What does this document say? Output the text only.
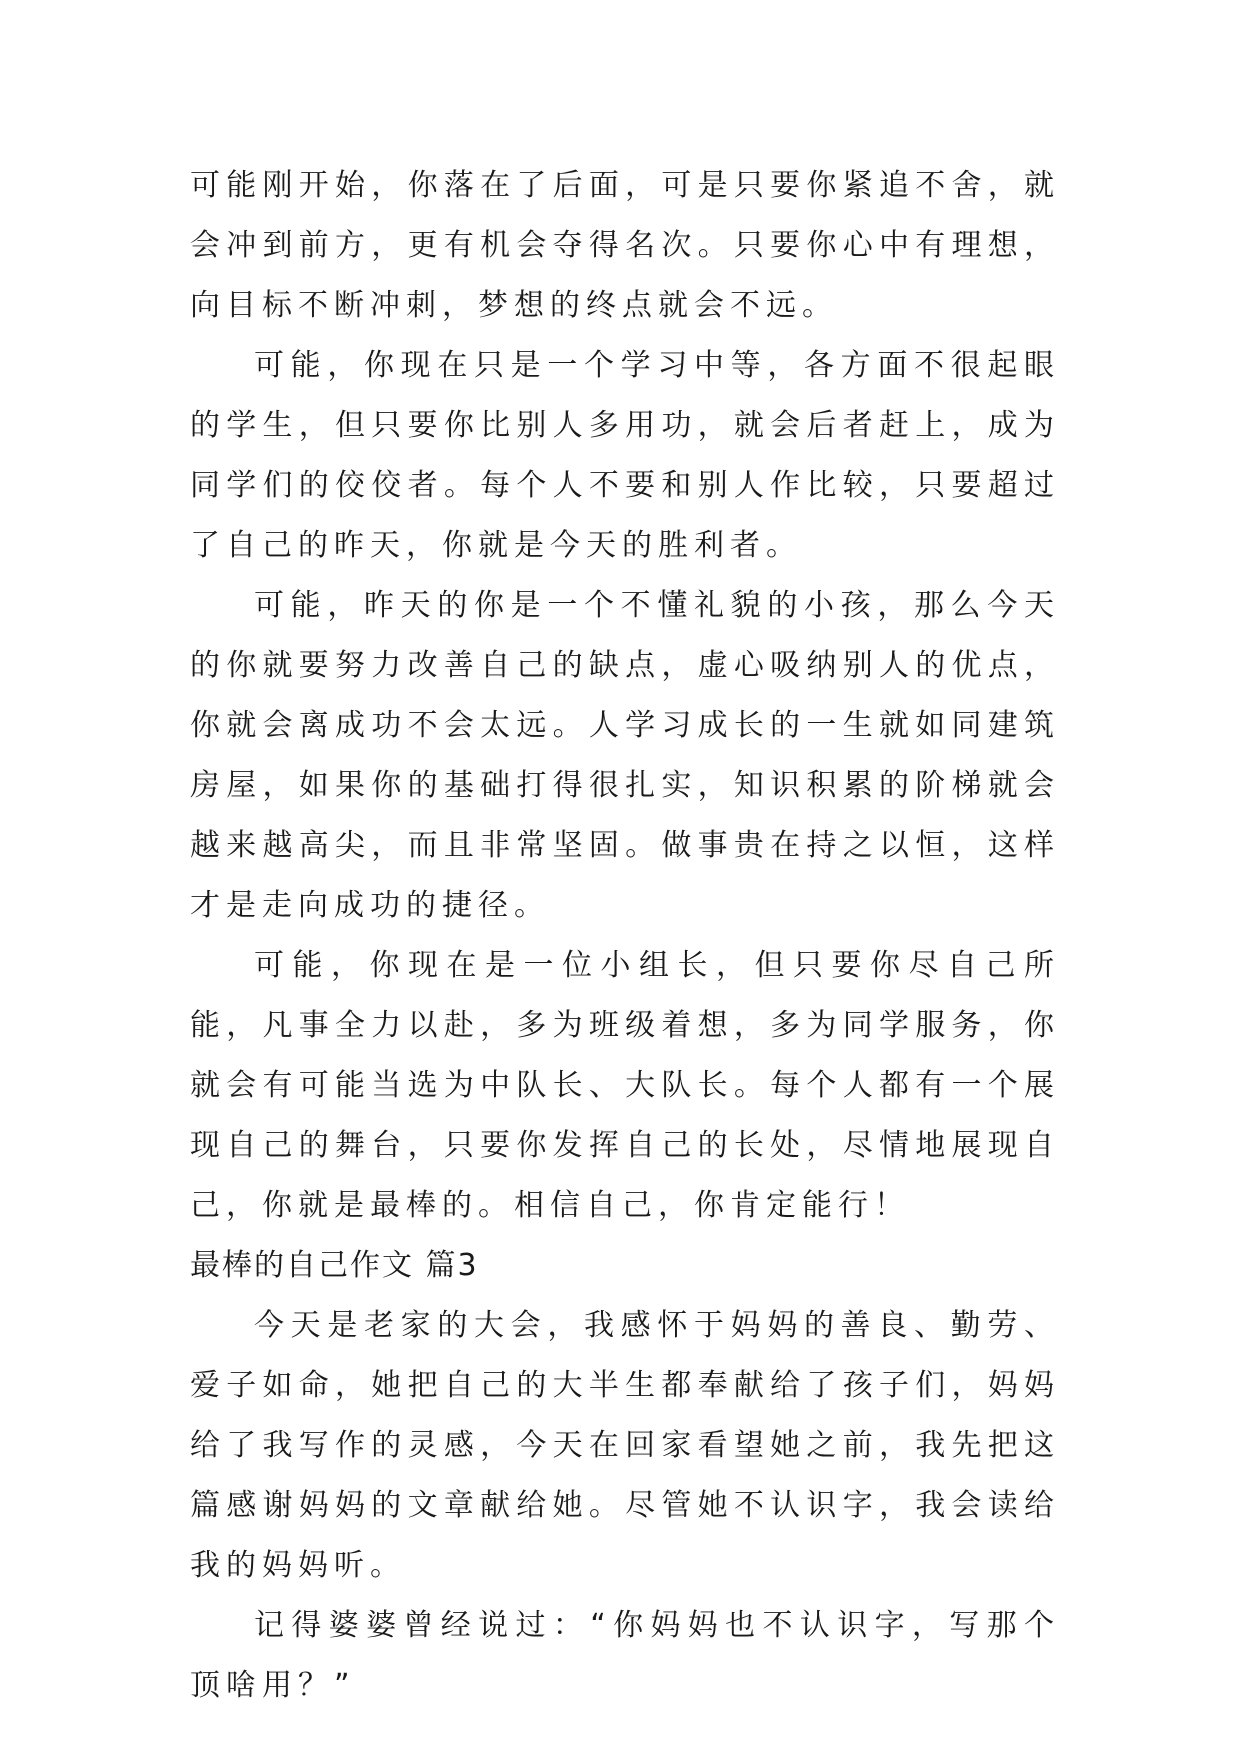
可能刚开始，你落在了后面，可是只要你紧追不舍，就会冲到前方，更有机会夺得名次。只要你心中有理想，向目标不断冲刺，梦想的终点就会不远。

可能，你现在只是一个学习中等，各方面不很起眼的学生，但只要你比别人多用功，就会后者赶上，成为同学们的佼佼者。每个人不要和别人作比较，只要超过了自己的昨天，你就是今天的胜利者。

可能，昨天的你是一个不懂礼貌的小孩，那么今天的你就要努力改善自己的缺点，虚心吸纳别人的优点，你就会离成功不会太远。人学习成长的一生就如同建筑房屋，如果你的基础打得很扎实，知识积累的阶梯就会越来越高尖，而且非常坚固。做事贵在持之以恒，这样才是走向成功的捷径。

可能，你现在是一位小组长，但只要你尽自己所能，凡事全力以赴，多为班级着想，多为同学服务，你就会有可能当选为中队长、大队长。每个人都有一个展现自己的舞台，只要你发挥自己的长处，尽情地展现自己，你就是最棒的。相信自己，你肯定能行！

最棒的自己作文 篇3

今天是老家的大会，我感怀于妈妈的善良、勤劳、爱子如命，她把自己的大半生都奉献给了孩子们，妈妈给了我写作的灵感，今天在回家看望她之前，我先把这篇感谢妈妈的文章献给她。尽管她不认识字，我会读给我的妈妈听。

记得婆婆曾经说过：“你妈妈也不认识字，写那个顶啥用？”
